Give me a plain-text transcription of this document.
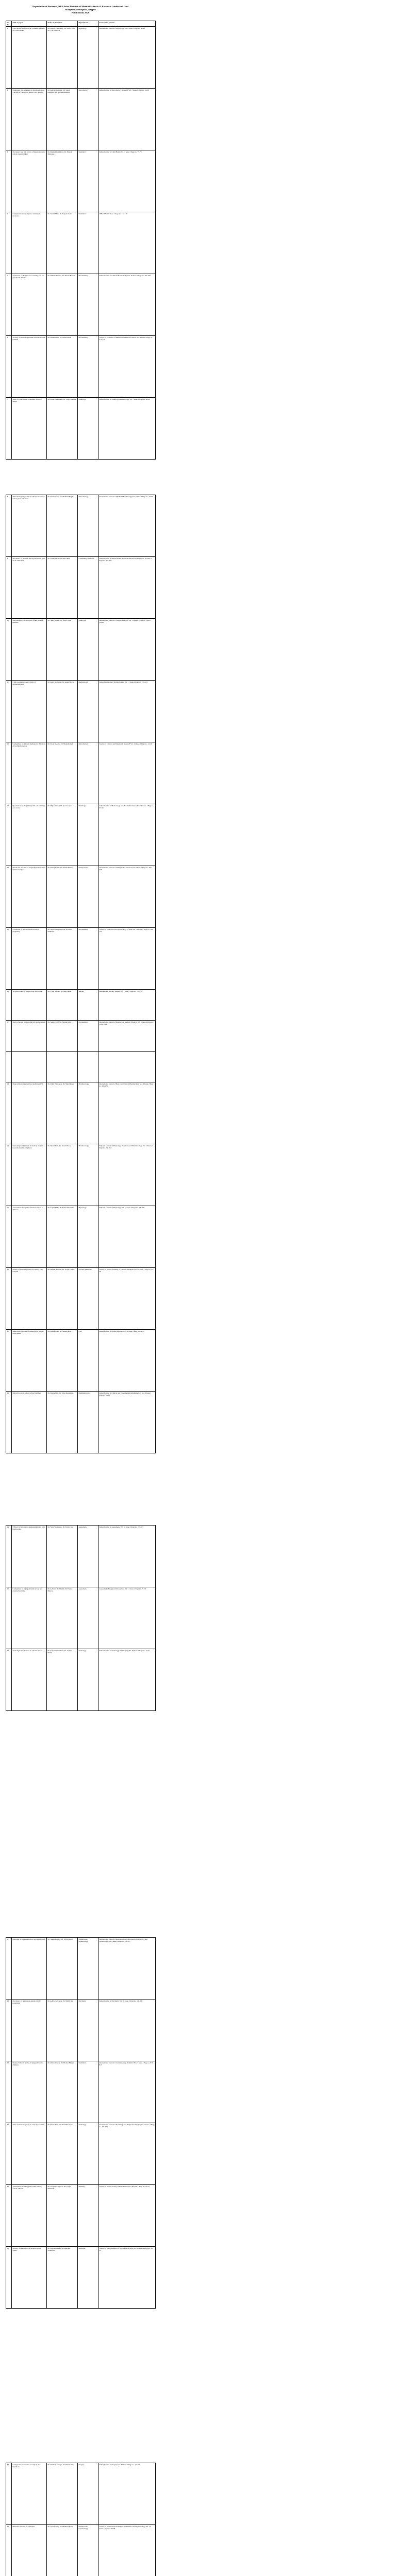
Department of Research, NKP Salve Institute of Medical Sciences & Research Centre and Lata
Mangeshkar Hospital, Nagpur
Publications 2020
Sr. No.	Title of paper	Name of the author	Department	Name of the journal
1	Lipid profile study in Type 2 diabetic patients of Central India	Dr. Rajesh Choudhary, Dr. Savita Patil, Dr. S M Kulkarni	Physiology	International Journal of Physiology Vol. 8 Issue 1 Page no. 38-42
2	Pathogenic gut organisms in diarrhoeal cases: a profile of children in tertiary care hospital	Dr. Amruta Gulwani, Dr. Sonali Gajbhiye, Dr. Nayana Bhondwe	Microbiology	Indian Journal of Microbiology Research Vol. 7 Issue 1 Page no. 54-59
3	Prevalence and risk factors of hypertension in school going children	Dr. Rekha Khumbhare, Dr. Pranali Dhawane	Paediatrics	Indian Journal of Child Health Vol. 7 Issue 2 Page no. 75-79
4	Comparative study of pulse oximetry in neonates	Dr. Sunita Mate, Dr. Yogesh Joshi	Paediatrics	JMSCR Vol. 8 Issue 1 Page no. 112-118
5	Evaluation of Hb A1c as a screening tool for gestational diabetes	Dr. Pritam Dhavale, Dr. Meena Borkar	Biochemistry	Indian Journal of Clinical Biochemistry Vol. 35 Issue 2 Page no. 201-206
6	A study of serum magnesium levels in diabetic patients	Dr. Rashmi Jain, Dr. Anita Khade	Biochemistry	Journal of Evolution of Medical and Dental Sciences Vol. 9 Issue 4 Page no. 215-219
7	Role of FNAC in the evaluation of breast lumps	Dr. Kiran Deshmukh, Dr. Vidya Bhosale	Pathology	Indian Journal of Pathology and Oncology Vol. 7 Issue 1 Page no. 88-92
8	Microbiological profile of catheter associated urinary tract infections	Dr. Sunil Tiwari, Dr. Madhuri Bagde	Microbiology	International Journal of Medical Microbiology Vol. 9 Issue 3 Page no. 44-49
9	Prevalence of anaemia among adolescent girls in an urban area	Dr. Vaishali Kale, Dr. Ravi Raut	Community Medicine	Indian Journal of Public Health Research and Development Vol. 11 Issue 2 Page no. 301-306
10	Histopathological spectrum of skin adnexal tumours	Dr. Neha Kumar, Dr. Sarita Joshi	Pathology	International Journal of Current Research Vol. 12 Issue 3 Page no. 10412-10416
11	Clinico-epidemiological study of dermatophytosis	Dr. Amol Kalbande, Dr. Anand Tiwari	Dermatology	Indian Dermatology Online Journal Vol. 11 Issue 2 Page no. 210-216
12	Comparison of different methods for detection of biofilm formation	Dr. Pooja Sharma, Dr. Manisha Lad	Microbiology	Journal of Clinical and Diagnostic Research Vol. 14 Issue 1 Page no. 12-16
13	Spectrum of haemoglobinopathies in a tertiary care centre	Dr. Priya Rathod, Dr. Swati Gupta	Pathology	Indian Journal of Hematology and Blood Transfusion Vol. 36 Issue 1 Page no. 55-60
14	Functional outcome of surgically treated distal radius fractures	Dr. Manoj Pande, Dr. Rahul Mishra	Orthopaedics	International Journal of Orthopaedics Sciences Vol. 6 Issue 1 Page no. 302-306
15	Evaluation of thyroid function tests in pregnancy	Dr. Smita Deshpande, Dr. Archana Kulkarni	Biochemistry	Journal of Obstetrics and Gynaecology of India Vol. 70 Issue 2 Page no. 118-124
16	A clinical study of peptic ulcer perforation	Dr. Vinay Sarode, Dr. Amit Bhale	Surgery	International Surgery Journal Vol. 7 Issue 3 Page no. 789-794
17	Study of serum lipid profile in hypothyroidism	Dr. Seema Patil, Dr. Harsha Dube	Biochemistry	International Journal of Research in Medical Sciences Vol. 8 Issue 4 Page no. 1410-1414
18	Drug utilization pattern in a medicine OPD	Dr. Rohit Wankhede, Dr. Shital Pawar	Pharmacology	International Journal of Basic and Clinical Pharmacology Vol. 9 Issue 2 Page no. 266-271
19	Knowledge and attitude of medical students towards pharmacovigilance	Dr. Shruti Patil, Dr. Kunal Dhote	Pharmacology	National Journal of Physiology, Pharmacy and Pharmacology Vol. 10 Issue 3 Page no. 230-234
20	Assessment of cognitive function in type 2 diabetes	Dr. Anjali Mule, Dr. Prakash Kamble	Physiology	National Journal of Physiology Vol. 10 Issue 5 Page no. 380-384
21	Pattern of poisoning cases in a tertiary care hospital	Dr. Dinesh Bawane, Dr. Gopal Thakre	Forensic Medicine	Journal of Indian Academy of Forensic Medicine Vol. 42 Issue 1 Page no. 44-48
22	Audiological profile of patients with chronic otitis media	Dr. Rucha Joshi, Dr. Sameer Kale	ENT	Indian Journal of Otolaryngology Vol. 72 Issue 1 Page no. 92-97
23	Refractive errors among school children	Dr. Meera Nair, Dr. Tejas Deshmukh	Ophthalmology	Indian Journal of Clinical and Experimental Ophthalmology Vol. 6 Issue 1 Page no. 65-69
24	Efficacy of intrathecal dexmedetomidine with bupivacaine	Dr. Nitin Waghmare, Dr. Kavita Rao	Anaesthesia	Indian Journal of Anaesthesia Vol. 64 Issue 3 Page no. 210-215
25	Comparison of laryngeal mask airway and endotracheal tube	Dr. Ashwini Deshmukh, Dr. Pankaj Bhoyar	Anaesthesia	Anaesthesia Essays and Researches Vol. 14 Issue 1 Page no. 71-76
26	Radiological evaluation of adnexal masses	Dr. Kalyani Wankhede, Dr. Sudhir Mehta	Radiology	Indian Journal of Radiology and Imaging Vol. 30 Issue 1 Page no. 45-51
27	Outcome of labour induction with misoprostol	Dr. Sneha Bansod, Dr. Pallavi Ingle	Obstetrics & Gynaecology	International Journal of Reproduction, Contraception, Obstetrics and Gynecology Vol. 9 Issue 2 Page no. 612-617
28	Prevalence of depression among elderly population	Dr. Aditya Gawande, Dr. Nikhil Deo	Psychiatry	Indian Journal of Psychiatry Vol. 62 Issue 2 Page no. 180-185
29	Study of clinical profile of dengue fever in children	Dr. Richa Shende, Dr. Mohan Bhagat	Paediatrics	International Journal of Contemporary Pediatrics Vol. 7 Issue 4 Page no. 810-815
30	Role of ultrasonography in acute appendicitis	Dr. Vivek Patil, Dr. Shraddha Korde	Radiology	International Journal of Radiology and Diagnostic Imaging Vol. 3 Issue 1 Page no. 101-106
31	Assessment of oral hygiene status among school children	Dr. Swapnil Lanjewar, Dr. Trupti Meshram	Dentistry	Journal of Indian Society of Pedodontics Vol. 38 Issue 1 Page no. 22-27
32	A study of risk factors of stroke in young adults	Dr. Rajendra Ukey, Dr. Bhavana Sonkusare	Medicine	Journal of the Association of Physicians of India Vol. 68 Issue 4 Page no. 50-54
33	Comparative evaluation of surgical site infections	Dr. Prashant Dongre, Dr. Nilesh Rane	Surgery	Indian Journal of Surgery Vol. 82 Issue 2 Page no. 156-161
34	Maternal outcome in eclampsia	Dr. Jyoti Ganvir, Dr. Madhavi Kolte	Obstetrics & Gynaecology	Journal of South Asian Federation of Obstetrics and Gynaecology Vol. 12 Issue 1 Page no. 34-38
